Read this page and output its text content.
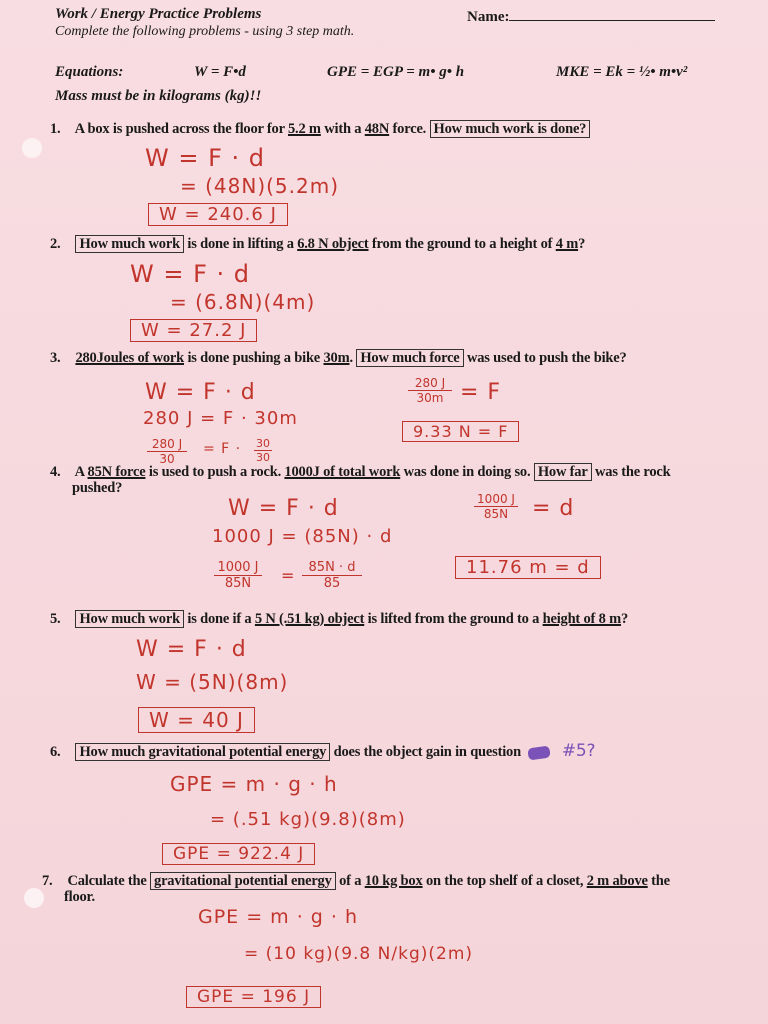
Work / Energy Practice Problems
Complete the following problems - using 3 step math.
Name:
Equations:	W = F•d	GPE = EGP = m• g• h	MKE = Ek = ½• m•v²
Mass must be in kilograms (kg)!!
1. A box is pushed across the floor for 5.2 m with a 48N force. How much work is done?
W = F · d
= (48N)(5.2m)
W = 240.6 J
2. How much work is done in lifting a 6.8 N object from the ground to a height of 4 m?
W = F · d
= (6.8N)(4m)
W = 27.2 J
3. 280Joules of work is done pushing a bike 30m. How much force was used to push the bike?
W = F · d
280 J = F · 30m
$\frac{280 J}{30} = F \cdot \frac{30}{30}$
$\frac{280 J}{30m} = F$
9.33 N = F
4. A 85N force is used to push a rock. 1000J of total work was done in doing so. How far was the rock
pushed?
W = F · d
1000 J = (85N) · d
$\frac{1000 J}{85N} = \frac{85N \cdot d}{85}$
$\frac{1000 J}{85N} = d$
11.76 m = d
5. How much work is done if a 5 N (.51 kg) object is lifted from the ground to a height of 8 m?
W = F · d
W = (5N)(8m)
W = 40 J
6. How much gravitational potential energy does the object gain in question  #5?
GPE = m · g · h
= (.51 kg)(9.8)(8m)
GPE = 922.4 J
7. Calculate the gravitational potential energy of a 10 kg box on the top shelf of a closet, 2 m above the
floor.
GPE = m · g · h
= (10 kg)(9.8 N/kg)(2m)
GPE = 196 J
